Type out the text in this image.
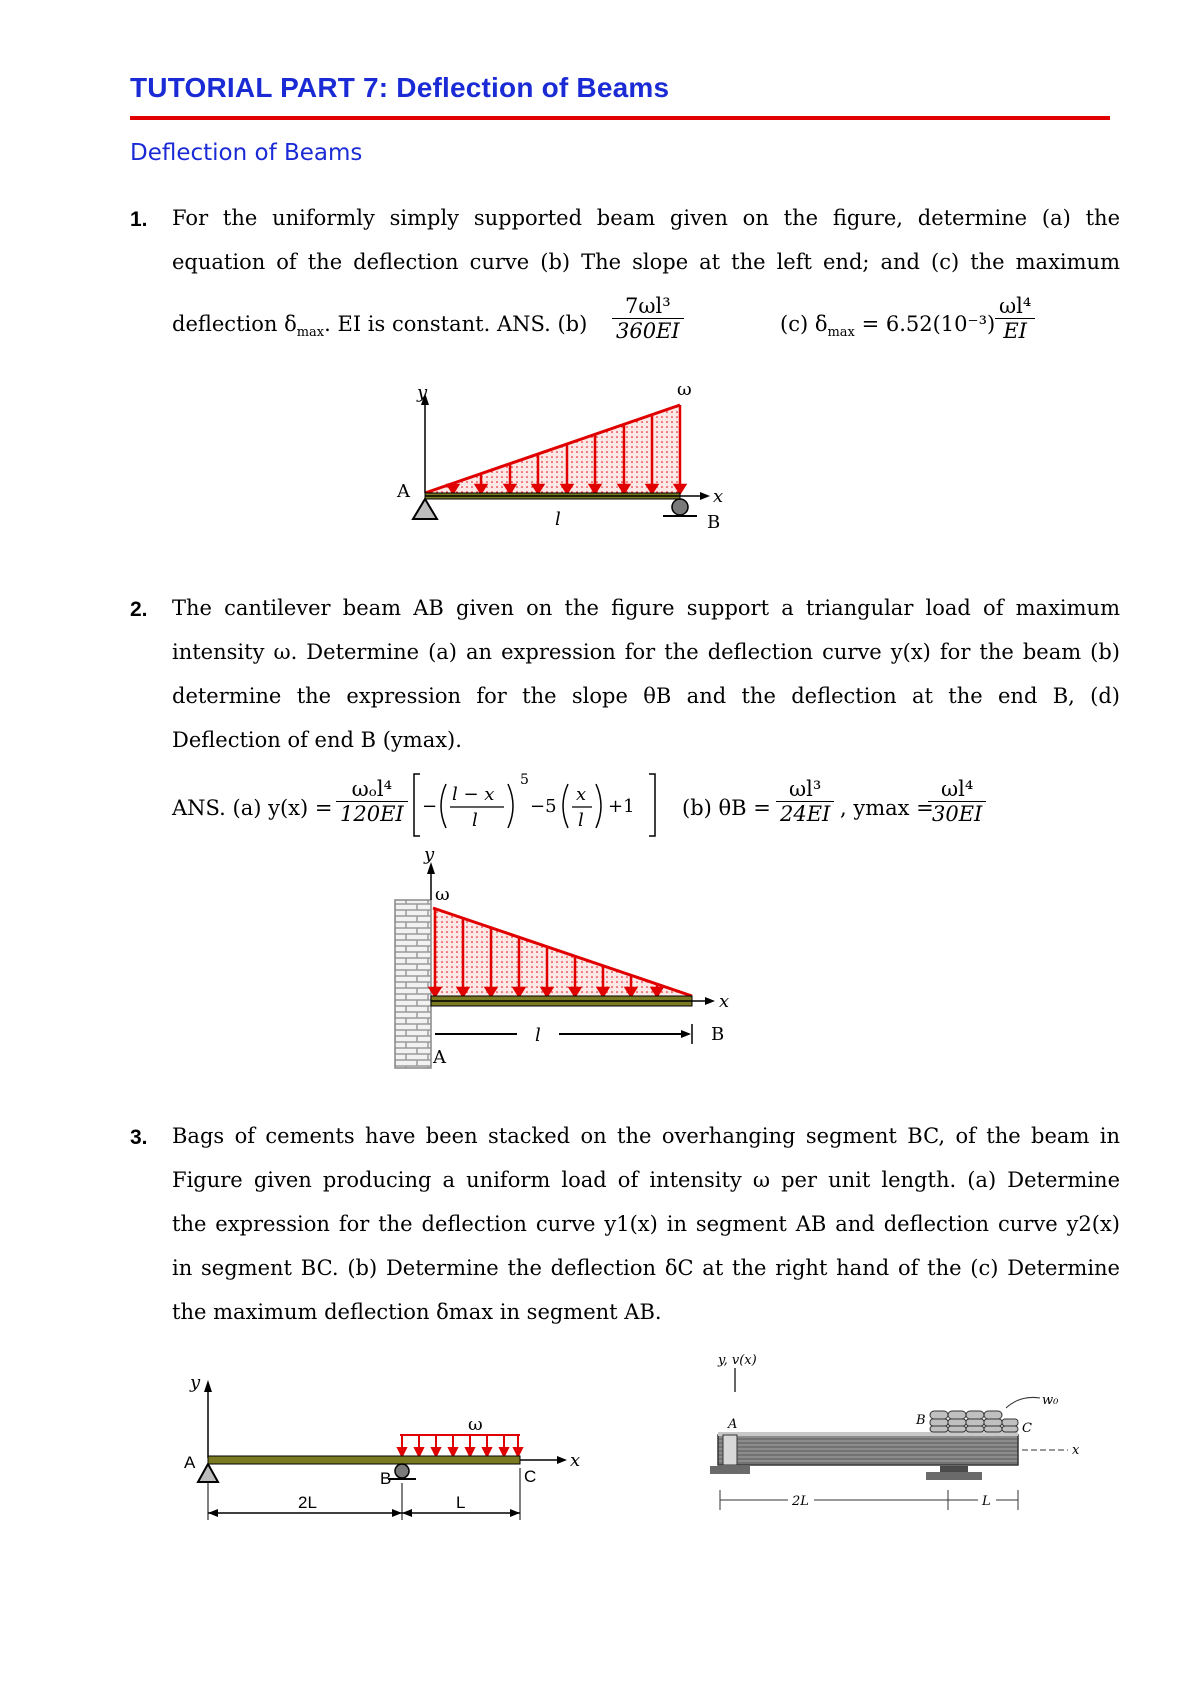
TUTORIAL PART 7: Deflection of Beams
Deflection of Beams
1. For the uniformly simply supported beam given on the figure, determine (a) the
equation of the deflection curve (b) The slope at the left end; and (c) the maximum
deflection $\delta_{max}$. EI is constant. ANS. $(b) \frac{\text{7ωl³}}{360EI}$	(c) $\delta_{max} = 6.52(10^{-3}) \frac{\text{ωl⁴}}{EI}$
y	ω
A
B
l
x
2. The cantilever beam AB given on the figure support a triangular load of maximum
intensity ω. Determine (a) an expression for the deflection curve y(x) for the beam (b)
determine the expression for the slope θB and the deflection at the end B, (d)
Deflection of end B (ymax).
ANS. (a) y(x) =
ωₒl⁴
120EI −
l − x
l
5
−5
x
l
+1 (b) $\theta B = \frac{\text{ωl³}}{24EI}$ , ymax =
$\frac{\text{ωl⁴}}{30EI}$
y
ω
A
B
l
x
3. Bags of cements have been stacked on the overhanging segment BC, of the beam in
Figure given producing a uniform load of intensity ω per unit length. (a) Determine
the expression for the deflection curve y1(x) in segment AB and deflection curve y2(x)
in segment BC. (b) Determine the deflection δC at the right hand of the (c) Determine
the maximum deflection δmax in segment AB.
y
ω
A
B	C
x
2L	L
y, v(x)
w₀
A	B
C
x
2L	L
